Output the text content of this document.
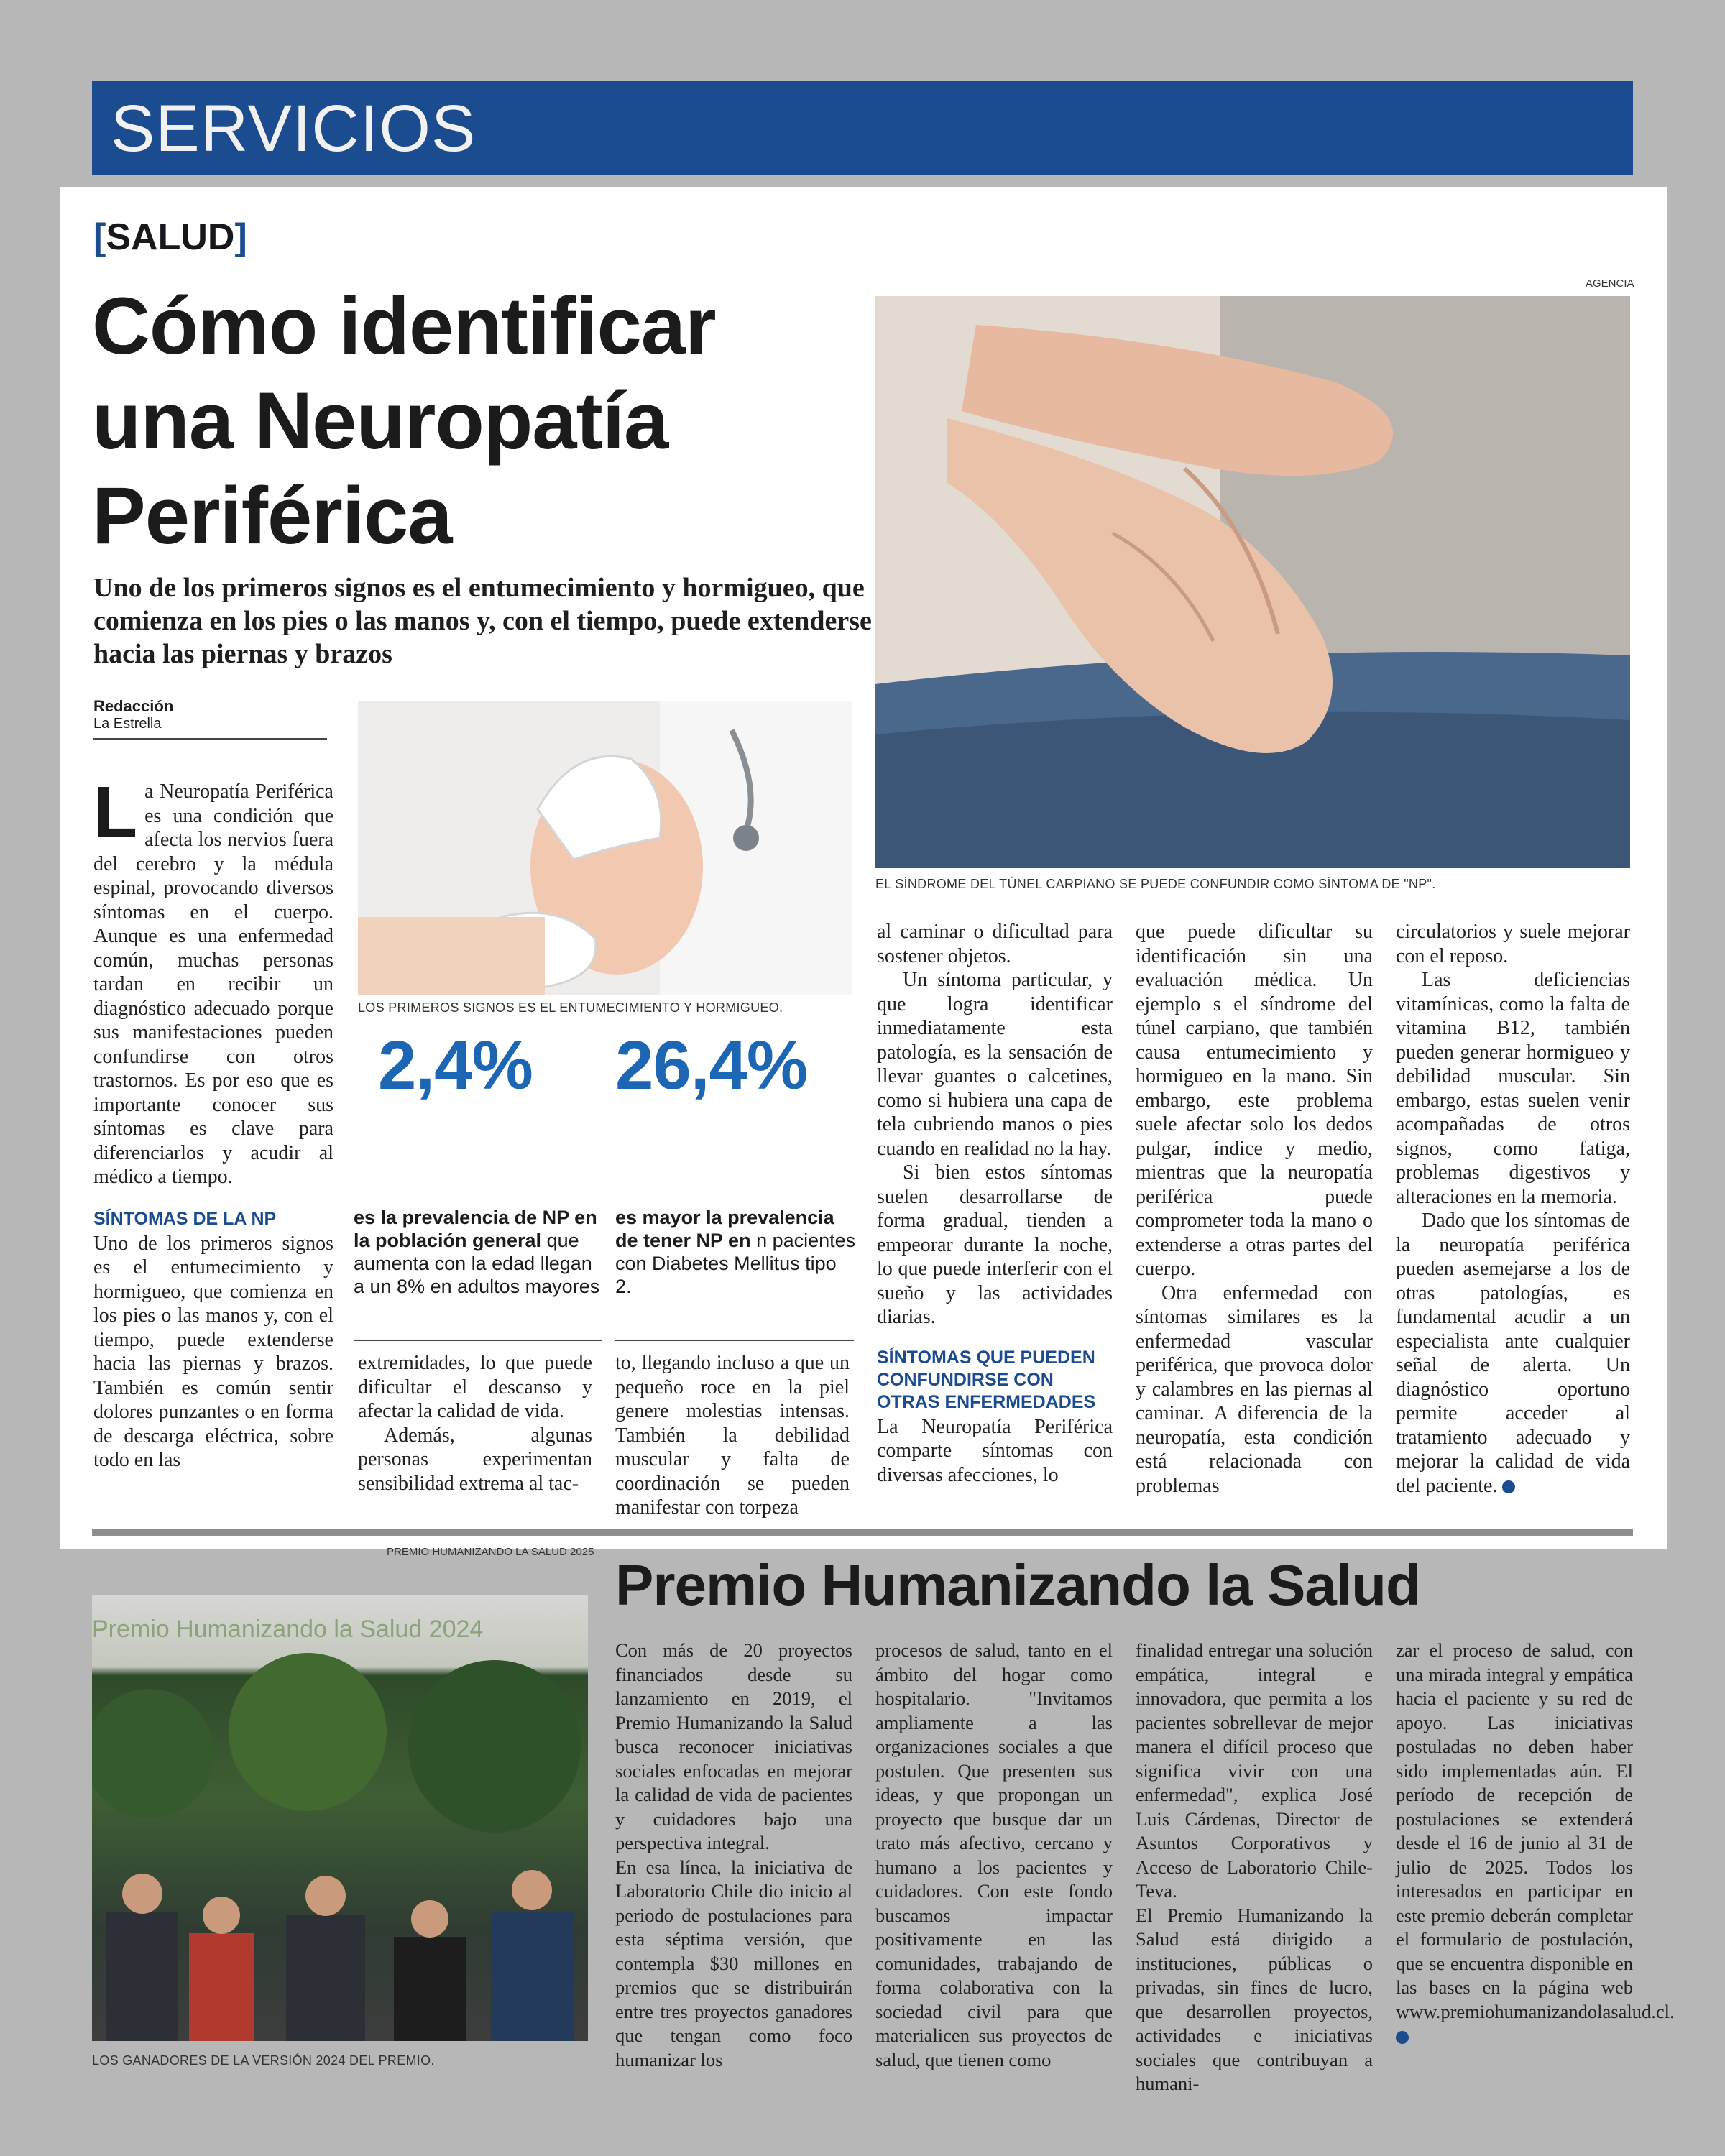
SERVICIOS
[SALUD]
Cómo identificar
una Neuropatía
Periférica
Uno de los primeros signos es el entumecimiento y hormigueo, que comienza en los pies o las manos y, con el tiempo, puede extenderse hacia las piernas y brazos
Redacción
La Estrella
AGENCIA
EL SÍNDROME DEL TÚNEL CARPIANO SE PUEDE CONFUNDIR COMO SÍNTOMA DE "NP".
LOS PRIMEROS SIGNOS ES EL ENTUMECIMIENTO Y HORMIGUEO.

La Neuropatía Periférica es una condición que afecta los nervios fuera del cerebro y la médula espinal, provocando diversos síntomas en el cuerpo. Aunque es una enfermedad común, muchas personas tardan en recibir un diagnóstico adecuado porque sus manifestaciones pueden confundirse con otros trastornos. Es por eso que es importante conocer sus síntomas es clave para diferenciarlos y acudir al médico a tiempo.

SÍNTOMAS DE LA NP

Uno de los primeros signos es el entumecimiento y hormigueo, que comienza en los pies o las manos y, con el tiempo, puede extenderse hacia las piernas y brazos. También es común sentir dolores punzantes o en forma de descarga eléctrica, sobre todo en las

2,4%
es la prevalencia de NP en la población general que aumenta con la edad llegan a un 8% en adultos mayores
26,4%
es mayor la prevalencia de tener NP en n pacientes con Diabetes Mellitus tipo 2.

extremidades, lo que puede dificultar el descanso y afectar la calidad de vida.

Además, algunas personas experimentan sensibilidad extrema al tac-

to, llegando incluso a que un pequeño roce en la piel genere molestias intensas. También la debilidad muscular y falta de coordinación se pueden manifestar con torpeza

al caminar o dificultad para sostener objetos.

Un síntoma particular, y que logra identificar inmediatamente esta patología, es la sensación de llevar guantes o calcetines, como si hubiera una capa de tela cubriendo manos o pies cuando en realidad no la hay.

Si bien estos síntomas suelen desarrollarse de forma gradual, tienden a empeorar durante la noche, lo que puede interferir con el sueño y las actividades diarias.

SÍNTOMAS QUE PUEDEN CONFUNDIRSE CON OTRAS ENFERMEDADES

La Neuropatía Periférica comparte síntomas con diversas afecciones, lo

que puede dificultar su identificación sin una evaluación médica. Un ejemplo s el síndrome del túnel carpiano, que también causa entumecimiento y hormigueo en la mano. Sin embargo, este problema suele afectar solo los dedos pulgar, índice y medio, mientras que la neuropatía periférica puede comprometer toda la mano o extenderse a otras partes del cuerpo.

Otra enfermedad con síntomas similares es la enfermedad vascular periférica, que provoca dolor y calambres en las piernas al caminar. A diferencia de la neuropatía, esta condición está relacionada con problemas

circulatorios y suele mejorar con el reposo.

Las deficiencias vitamínicas, como la falta de vitamina B12, también pueden generar hormigueo y debilidad muscular. Sin embargo, estas suelen venir acompañadas de otros signos, como fatiga, problemas digestivos y alteraciones en la memoria.

Dado que los síntomas de la neuropatía periférica pueden asemejarse a los de otras patologías, es fundamental acudir a un especialista ante cualquier señal de alerta. Un diagnóstico oportuno permite acceder al tratamiento adecuado y mejorar la calidad de vida del paciente.

PREMIO HUMANIZANDO LA SALUD 2025
Premio Humanizando la Salud 2024
LOS GANADORES DE LA VERSIÓN 2024 DEL PREMIO.
Premio Humanizando la Salud

Con más de 20 proyectos financiados desde su lanzamiento en 2019, el Premio Humanizando la Salud busca reconocer iniciativas sociales enfocadas en mejorar la calidad de vida de pacientes y cuidadores bajo una perspectiva integral.

En esa línea, la iniciativa de Laboratorio Chile dio inicio al periodo de postulaciones para esta séptima versión, que contempla $30 millones en premios que se distribuirán entre tres proyectos ganadores que tengan como foco humanizar los

procesos de salud, tanto en el ámbito del hogar como hospitalario. "Invitamos ampliamente a las organizaciones sociales a que postulen. Que presenten sus ideas, y que propongan un proyecto que busque dar un trato más afectivo, cercano y humano a los pacientes y cuidadores. Con este fondo buscamos impactar positivamente en las comunidades, trabajando de forma colaborativa con la sociedad civil para que materialicen sus proyectos de salud, que tienen como

finalidad entregar una solución empática, integral e innovadora, que permita a los pacientes sobrellevar de mejor manera el difícil proceso que significa vivir con una enfermedad", explica José Luis Cárdenas, Director de Asuntos Corporativos y Acceso de Laboratorio Chile-Teva.

El Premio Humanizando la Salud está dirigido a instituciones, públicas o privadas, sin fines de lucro, que desarrollen proyectos, actividades e iniciativas sociales que contribuyan a humani-

zar el proceso de salud, con una mirada integral y empática hacia el paciente y su red de apoyo. Las iniciativas postuladas no deben haber sido implementadas aún. El período de recepción de postulaciones se extenderá desde el 16 de junio al 31 de julio de 2025. Todos los interesados en participar en este premio deberán completar el formulario de postulación, que se encuentra disponible en las bases en la página web www.premiohumanizandolasalud.cl.
